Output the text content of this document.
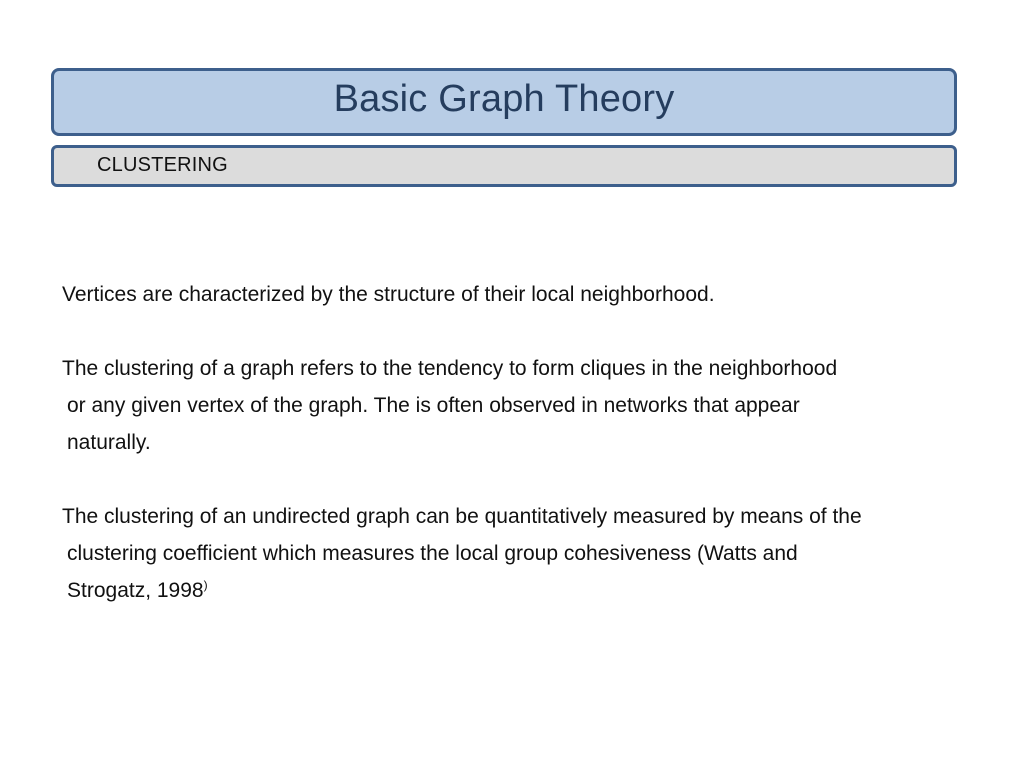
Basic Graph Theory
CLUSTERING

Vertices are characterized by the structure of their local neighborhood.

The clustering of a graph refers to the tendency to form cliques in the neighborhood
or any given vertex of the graph. The is often observed in networks that appear
naturally.

The clustering of an undirected graph can be quantitatively measured by means of the
clustering coefficient which measures the local group cohesiveness (Watts and
Strogatz, 1998)
